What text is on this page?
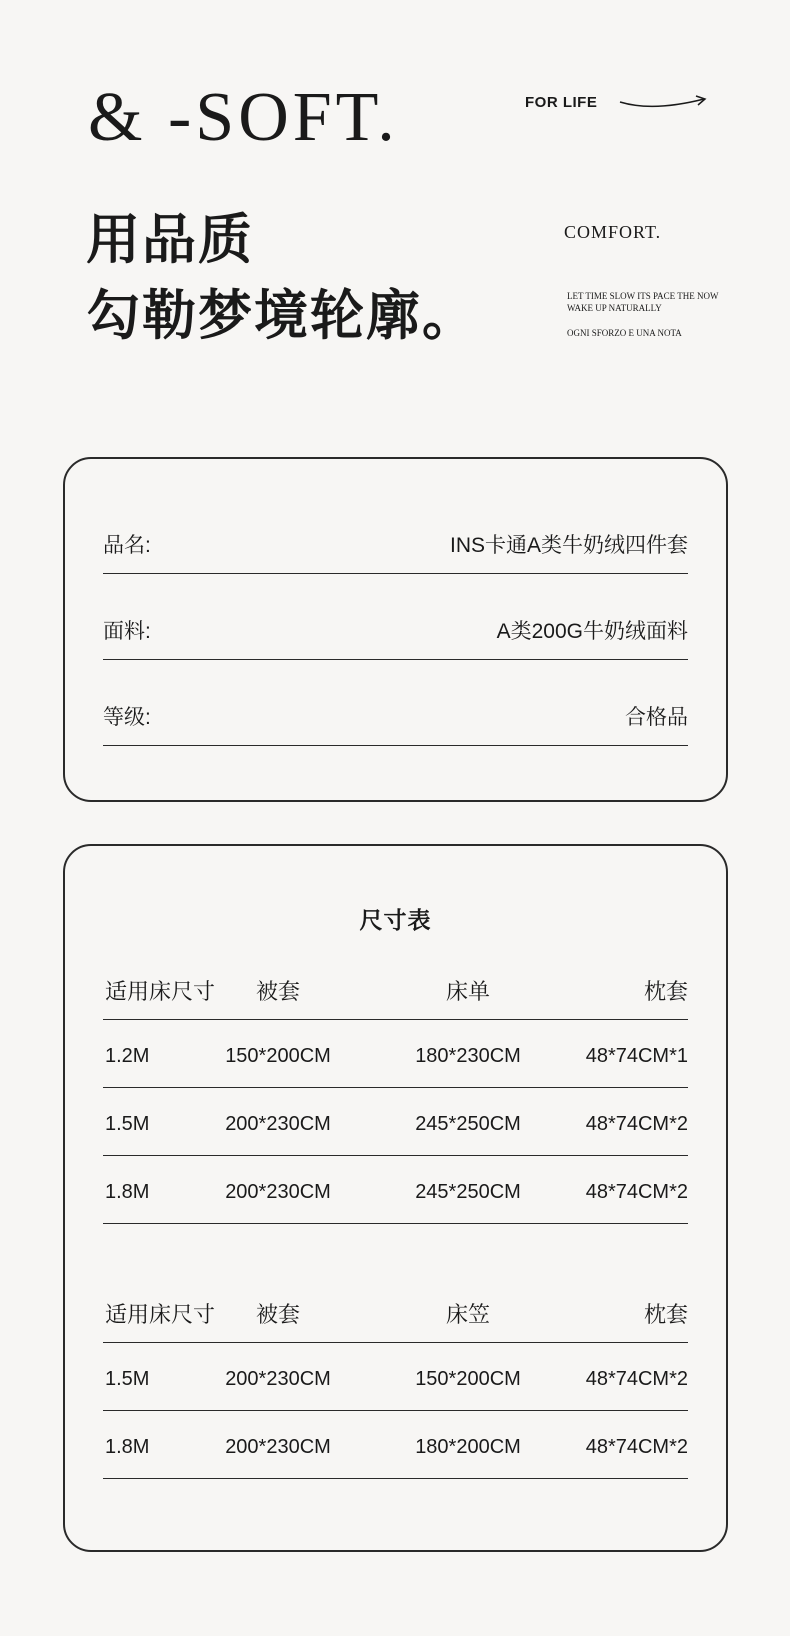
& -SOFT.	FOR LIFE
用品质
勾勒梦境轮廓。
COMFORT.
LET TIME SLOW ITS PACE THE NOW
WAKE UP NATURALLY
OGNI SFORZO E UNA NOTA
品名:	INS卡通A类牛奶绒四件套
面料:	A类200G牛奶绒面料
等级:	合格品
尺寸表
适用床尺寸	被套	床单	枕套
1.2M	150*200CM	180*230CM	48*74CM*1
1.5M	200*230CM	245*250CM	48*74CM*2
1.8M	200*230CM	245*250CM	48*74CM*2
适用床尺寸	被套	床笠	枕套
1.5M	200*230CM	150*200CM	48*74CM*2
1.8M	200*230CM	180*200CM	48*74CM*2
